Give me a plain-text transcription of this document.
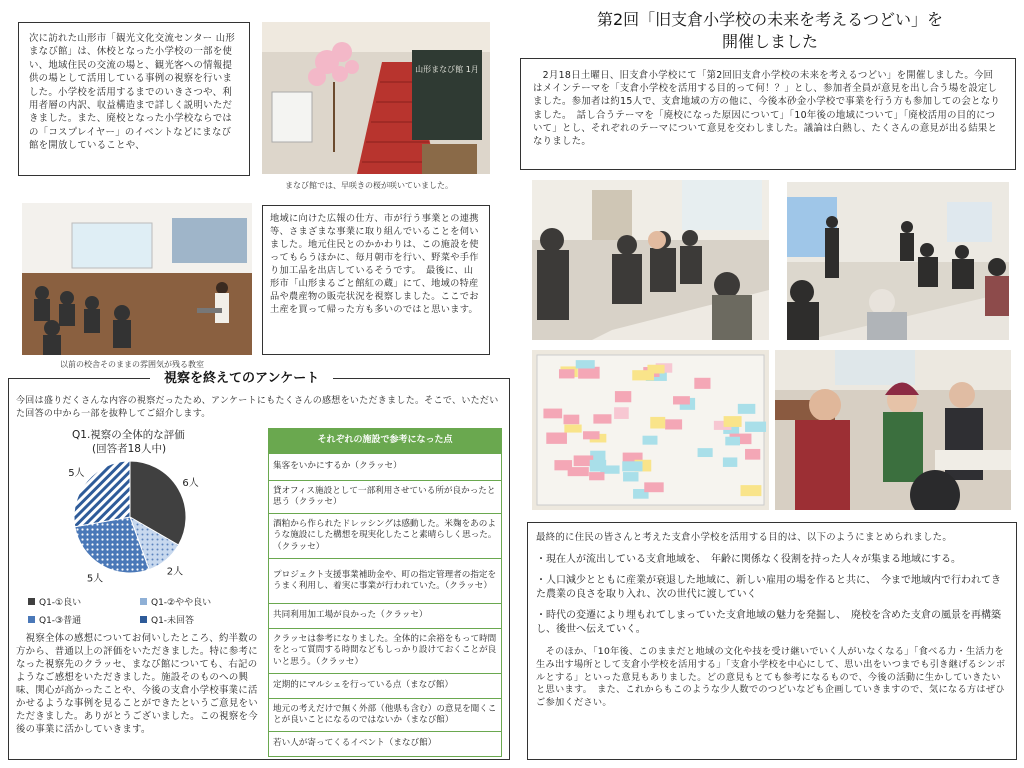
次に訪れた山形市「観光文化交流センター 山形まなび館」は、休校となった小学校の一部を使い、地域住民の交流の場と、観光客への情報提供の場として活用している事例の視察を行いました。小学校を活用するまでのいきさつや、利用者層の内訳、収益構造まで詳しく説明いただきました。また、廃校となった小学校ならではの「コスプレイヤー」のイベントなどにまなび館を開放していることや、
山形まなび館 1月
まなび館では、早咲きの桜が咲いていました。
以前の校舎そのままの雰囲気が残る教室
地域に向けた広報の仕方、市が行う事業との連携等、さまざまな事業に取り組んでいることを伺いました。地元住民とのかかわりは、この施設を使ってもらうほかに、毎月朝市を行い、野菜や手作り加工品を出店しているそうです。　最後に、山形市「山形まるごと館紅の蔵」にて、地域の特産品や農産物の販売状況を視察しました。ここでお土産を買って帰った方も多いのではと思います。
視察を終えてのアンケート
今回は盛りだくさんな内容の視察だったため、アンケートにもたくさんの感想をいただきました。そこで、いただいた回答の中から一部を抜粋してご紹介します。
Q1.視察の全体的な評価
(回答者18人中)
6人
2人
5人
5人
Q1-①良い	Q1-②やや良い
Q1-③普通	Q1-未回答
　視察全体の感想についてお伺いしたところ、約半数の方から、普通以上の評価をいただきました。特に参考になった視察先のクラッセ、まなび館についても、右記のようなご感想をいただきました。施設そのものへの興味、関心が高かったことや、今後の支倉小学校事業に活かせるような事例を見ることができたというご意見をいただきました。ありがとうございました。この視察を今後の事業に活かしていきます。
それぞれの施設で参考になった点
集客をいかにするか（クラッセ）
貸オフィス施設として一部利用させている所が良かったと思う（クラッセ）
酒粕から作られたドレッシングは感動した。米麹をあのような施設にした構想を現実化したこと素晴らしく思った。（クラッセ）
プロジェクト支援事業補助金や、町の指定管理者の指定をうまく利用し、着実に事業が行われていた。（クラッセ）
共同利用加工場が良かった（クラッセ）
クラッセは参考になりました。全体的に余裕をもって時間をとって質問する時間などもしっかり設けておくことが良いと思う。（クラッセ）
定期的にマルシェを行っている点（まなび館）
地元の考えだけで無く外部（他県も含む）の意見を聞くことが良いことになるのではないか（まなび館）
若い人が寄ってくるイベント（まなび館）
第2回「旧支倉小学校の未来を考えるつどい」を
開催しました
　2月18日土曜日、旧支倉小学校にて「第2回旧支倉小学校の未来を考えるつどい」を開催しました。今回はメインテーマを「支倉小学校を活用する目的って何！？」とし、参加者全員が意見を出し合う場を設定しました。参加者は約15人で、支倉地域の方の他に、今後本砂金小学校で事業を行う方も参加しての会となりました。　話し合うテーマを「廃校になった原因について」「10年後の地域について」「廃校活用の目的について」とし、それぞれのテーマについて意見を交わしました。議論は白熱し、たくさんの意見が出る結果となりました。
最終的に住民の皆さんと考えた支倉小学校を活用する目的は、以下のようにまとめられました。
・現在人が流出している支倉地域を、　年齢に関係なく役割を持った人々が集まる地域にする。
・人口減少とともに産業が衰退した地域に、新しい雇用の場を作ると共に、　今まで地域内で行われてきた農業の良さを取り入れ、次の世代に渡していく
・時代の変遷により埋もれてしまっていた支倉地域の魅力を発掘し、　廃校を含めた支倉の風景を再構築し、後世へ伝えていく。
　そのほか、「10年後、このままだと地域の文化や技を受け継いでいく人がいなくなる」「食べる力・生活力を生み出す場所として支倉小学校を活用する」「支倉小学校を中心にして、思い出をいつまでも引き継げるシンボルとする」といった意見もありました。どの意見もとても参考になるもので、今後の活動に生かしていきたいと思います。　また、これからもこのような少人数でのつどいなども企画していきますので、気になる方はぜひご参加ください。
